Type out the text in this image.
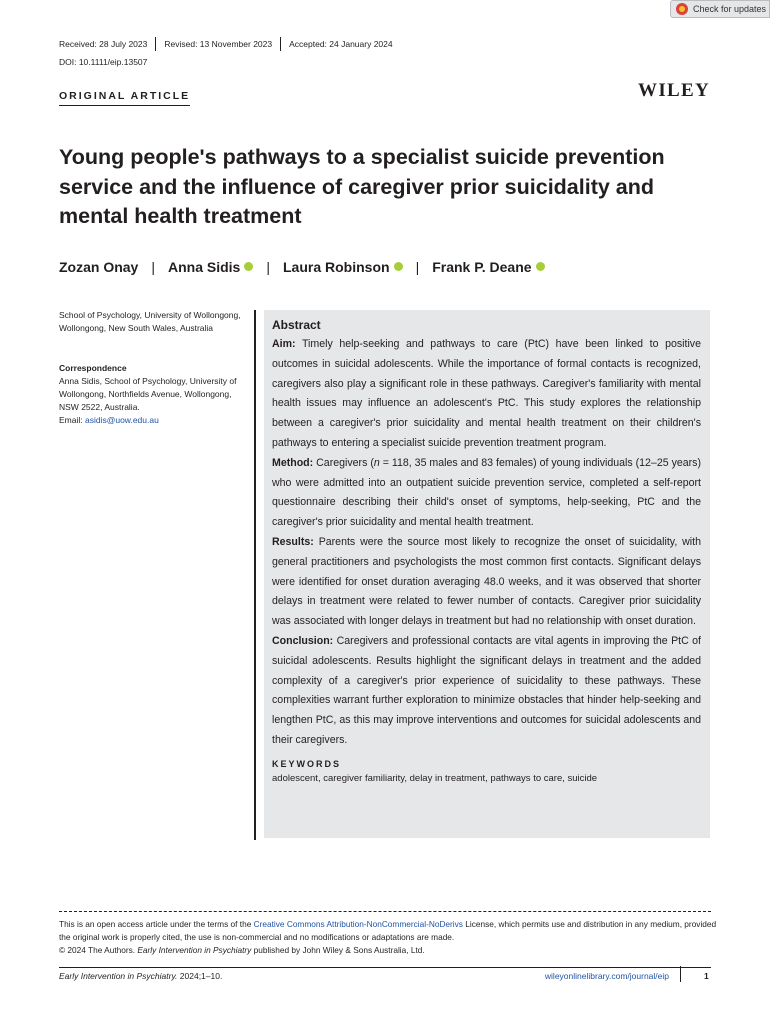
Check for updates
Received: 28 July 2023	Revised: 13 November 2023	Accepted: 24 January 2024
DOI: 10.1111/eip.13507
ORIGINAL ARTICLE	WILEY
Young people's pathways to a specialist suicide prevention service and the influence of caregiver prior suicidality and mental health treatment
Zozan Onay | Anna Sidis | Laura Robinson | Frank P. Deane
School of Psychology, University of Wollongong, Wollongong, New South Wales, Australia
Correspondence
Anna Sidis, School of Psychology, University of Wollongong, Northfields Avenue, Wollongong, NSW 2522, Australia.
Email: asidis@uow.edu.au
Abstract

Aim: Timely help-seeking and pathways to care (PtC) have been linked to positive outcomes in suicidal adolescents. While the importance of formal contacts is recognized, caregivers also play a significant role in these pathways. Caregiver's familiarity with mental health issues may influence an adolescent's PtC. This study explores the relationship between a caregiver's prior suicidality and mental health treatment on their children's pathways to entering a specialist suicide prevention treatment program.

Method: Caregivers (n = 118, 35 males and 83 females) of young individuals (12–25 years) who were admitted into an outpatient suicide prevention service, completed a self-report questionnaire describing their child's onset of symptoms, help-seeking, PtC and the caregiver's prior suicidality and mental health treatment.

Results: Parents were the source most likely to recognize the onset of suicidality, with general practitioners and psychologists the most common first contacts. Significant delays were identified for onset duration averaging 48.0 weeks, and it was observed that shorter delays in treatment were related to fewer number of contacts. Caregiver prior suicidality was associated with longer delays in treatment but had no relationship with onset duration.

Conclusion: Caregivers and professional contacts are vital agents in improving the PtC of suicidal adolescents. Results highlight the significant delays in treatment and the added complexity of a caregiver's prior experience of suicidality to these pathways. These complexities warrant further exploration to minimize obstacles that hinder help-seeking and lengthen PtC, as this may improve interventions and outcomes for suicidal adolescents and their caregivers.

KEYWORDS
adolescent, caregiver familiarity, delay in treatment, pathways to care, suicide
This is an open access article under the terms of the Creative Commons Attribution-NonCommercial-NoDerivs License, which permits use and distribution in any medium, provided the original work is properly cited, the use is non-commercial and no modifications or adaptations are made.
© 2024 The Authors. Early Intervention in Psychiatry published by John Wiley & Sons Australia, Ltd.
Early Intervention in Psychiatry. 2024;1–10.	wileyonlinelibrary.com/journal/eip	1
